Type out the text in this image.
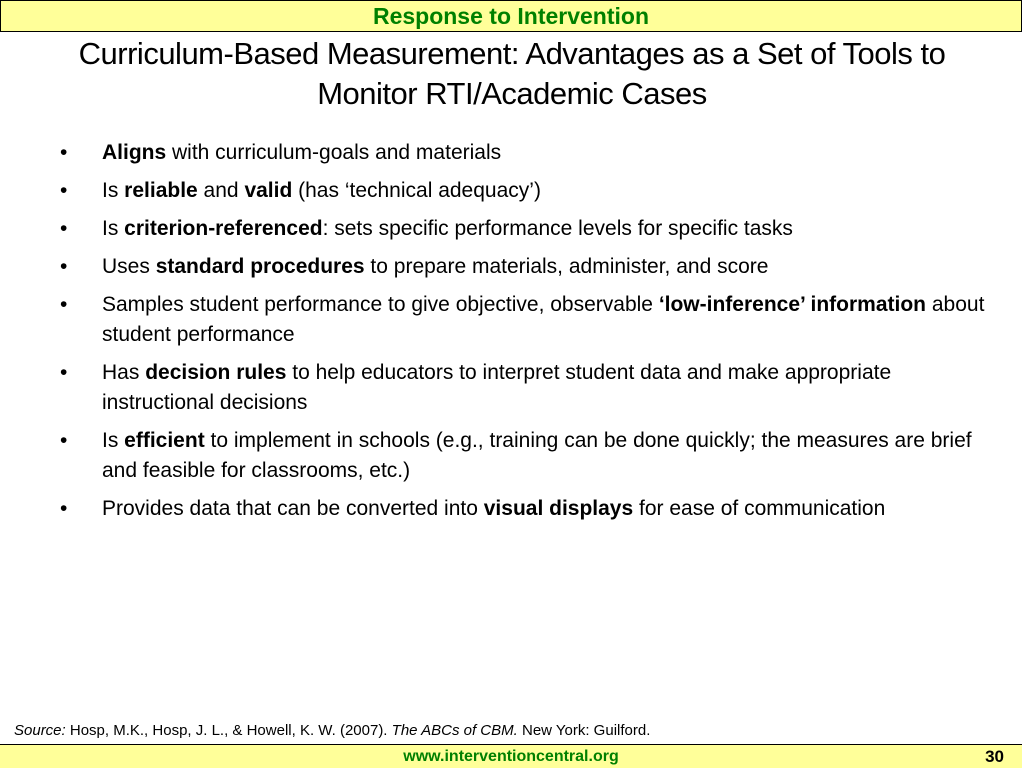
Response to Intervention
Curriculum-Based Measurement: Advantages as a Set of Tools to
Monitor RTI/Academic Cases
• Aligns with curriculum-goals and materials
• Is reliable and valid (has ‘technical adequacy’)
• Is criterion-referenced: sets specific performance levels for specific tasks
• Uses standard procedures to prepare materials, administer, and score
• Samples student performance to give objective, observable ‘low-inference’ information about student performance
• Has decision rules to help educators to interpret student data and make appropriate instructional decisions
• Is efficient to implement in schools (e.g., training can be done quickly; the measures are brief and feasible for classrooms, etc.)
• Provides data that can be converted into visual displays for ease of communication
Source: Hosp, M.K., Hosp, J. L., & Howell, K. W. (2007). The ABCs of CBM. New York: Guilford.
www.interventioncentral.org	30
